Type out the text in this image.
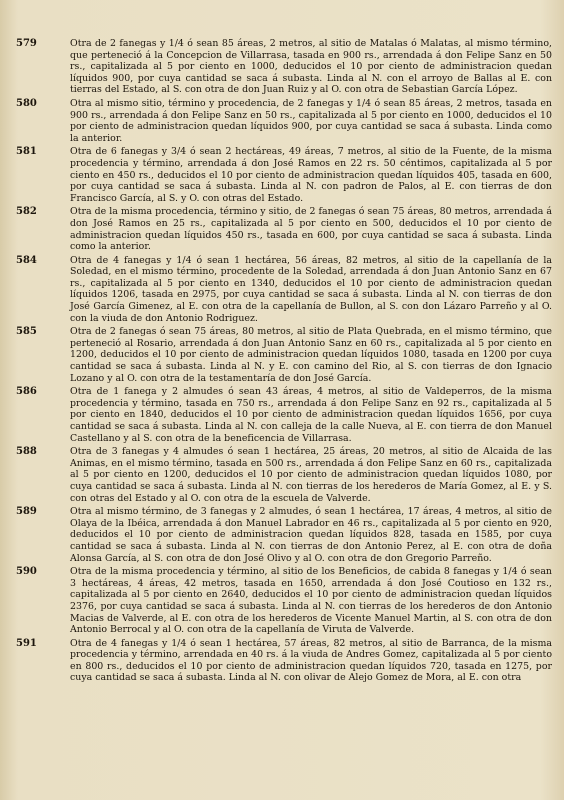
579	Otra de 2 fanegas y 1/4 ó sean 85 áreas, 2 metros, al sitio de Matalas ó Malatas, al mismo término, que perteneció á la Concepcion de Villarrasa, tasada en 900 rs., arrendada á don Felipe Sanz en 50 rs., capitalizada al 5 por ciento en 1000, deducidos el 10 por ciento de administracion quedan líquidos 900, por cuya cantidad se saca á subasta. Linda al N. con el arroyo de Ballas al E. con tierras del Estado, al S. con otra de don Juan Ruiz y al O. con otra de Sebastian García López.
580	Otra al mismo sitio, término y procedencia, de 2 fanegas y 1/4 ó sean 85 áreas, 2 metros, tasada en 900 rs., arrendada á don Felipe Sanz en 50 rs., capitalizada al 5 por ciento en 1000, deducidos el 10 por ciento de administracion quedan líquidos 900, por cuya cantidad se saca á subasta. Linda como la anterior.
581	Otra de 6 fanegas y 3/4 ó sean 2 hectáreas, 49 áreas, 7 metros, al sitio de la Fuente, de la misma procedencia y término, arrendada á don José Ramos en 22 rs. 50 céntimos, capitalizada al 5 por ciento en 450 rs., deducidos el 10 por ciento de administracion quedan líquidos 405, tasada en 600, por cuya cantidad se saca á subasta. Linda al N. con padron de Palos, al E. con tierras de don Francisco García, al S. y O. con otras del Estado.
582	Otra de la misma procedencia, término y sitio, de 2 fanegas ó sean 75 áreas, 80 metros, arrendada á don José Ramos en 25 rs., capitalizada al 5 por ciento en 500, deducidos el 10 por ciento de administracion quedan líquidos 450 rs., tasada en 600, por cuya cantidad se saca á subasta. Linda como la anterior.
584	Otra de 4 fanegas y 1/4 ó sean 1 hectárea, 56 áreas, 82 metros, al sitio de la capellanía de la Soledad, en el mismo término, procedente de la Soledad, arrendada á don Juan Antonio Sanz en 67 rs., capitalizada al 5 por ciento en 1340, deducidos el 10 por ciento de administracion quedan líquidos 1206, tasada en 2975, por cuya cantidad se saca á subasta. Linda al N. con tierras de don José García Gimenez, al E. con otra de la capellanía de Bullon, al S. con don Lázaro Parreño y al O. con la viuda de don Antonio Rodriguez.
585	Otra de 2 fanegas ó sean 75 áreas, 80 metros, al sitio de Plata Quebrada, en el mismo término, que perteneció al Rosario, arrendada á don Juan Antonio Sanz en 60 rs., capitalizada al 5 por ciento en 1200, deducidos el 10 por ciento de administracion quedan líquidos 1080, tasada en 1200 por cuya cantidad se saca á subasta. Linda al N. y E. con camino del Rio, al S. con tierras de don Ignacio Lozano y al O. con otra de la testamentaría de don José García.
586	Otra de 1 fanega y 2 almudes ó sean 43 áreas, 4 metros, al sitio de Valdeperros, de la misma procedencia y término, tasada en 750 rs., arrendada á don Felipe Sanz en 92 rs., capitalizada al 5 por ciento en 1840, deducidos el 10 por ciento de administracion quedan líquidos 1656, por cuya cantidad se saca á subasta. Linda al N. con calleja de la calle Nueva, al E. con tierra de don Manuel Castellano y al S. con otra de la beneficencia de Villarrasa.
588	Otra de 3 fanegas y 4 almudes ó sean 1 hectárea, 25 áreas, 20 metros, al sitio de Alcaida de las Animas, en el mismo término, tasada en 500 rs., arrendada á don Felipe Sanz en 60 rs., capitalizada al 5 por ciento en 1200, deducidos el 10 por ciento de administracion quedan líquidos 1080, por cuya cantidad se saca á subasta. Linda al N. con tierras de los herederos de María Gomez, al E. y S. con otras del Estado y al O. con otra de la escuela de Valverde.
589	Otra al mismo término, de 3 fanegas y 2 almudes, ó sean 1 hectárea, 17 áreas, 4 metros, al sitio de Olaya de la Ibéica, arrendada á don Manuel Labrador en 46 rs., capitalizada al 5 por ciento en 920, deducidos el 10 por ciento de administracion quedan líquidos 828, tasada en 1585, por cuya cantidad se saca á subasta. Linda al N. con tierras de don Antonio Perez, al E. con otra de doña Alonsa García, al S. con otra de don José Olivo y al O. con otra de don Gregorio Parreño.
590	Otra de la misma procedencia y término, al sitio de los Beneficios, de cabida 8 fanegas y 1/4 ó sean 3 hectáreas, 4 áreas, 42 metros, tasada en 1650, arrendada á don José Coutioso en 132 rs., capitalizada al 5 por ciento en 2640, deducidos el 10 por ciento de administracion quedan líquidos 2376, por cuya cantidad se saca á subasta. Linda al N. con tierras de los herederos de don Antonio Macias de Valverde, al E. con otra de los herederos de Vicente Manuel Martin, al S. con otra de don Antonio Berrocal y al O. con otra de la capellanía de Viruta de Valverde.
591	Otra de 4 fanegas y 1/4 ó sean 1 hectárea, 57 áreas, 82 metros, al sitio de Barranca, de la misma procedencia y término, arrendada en 40 rs. á la viuda de Andres Gomez, capitalizada al 5 por ciento en 800 rs., deducidos el 10 por ciento de administracion quedan líquidos 720, tasada en 1275, por cuya cantidad se saca á subasta. Linda al N. con olivar de Alejo Gomez de Mora, al E. con otra
